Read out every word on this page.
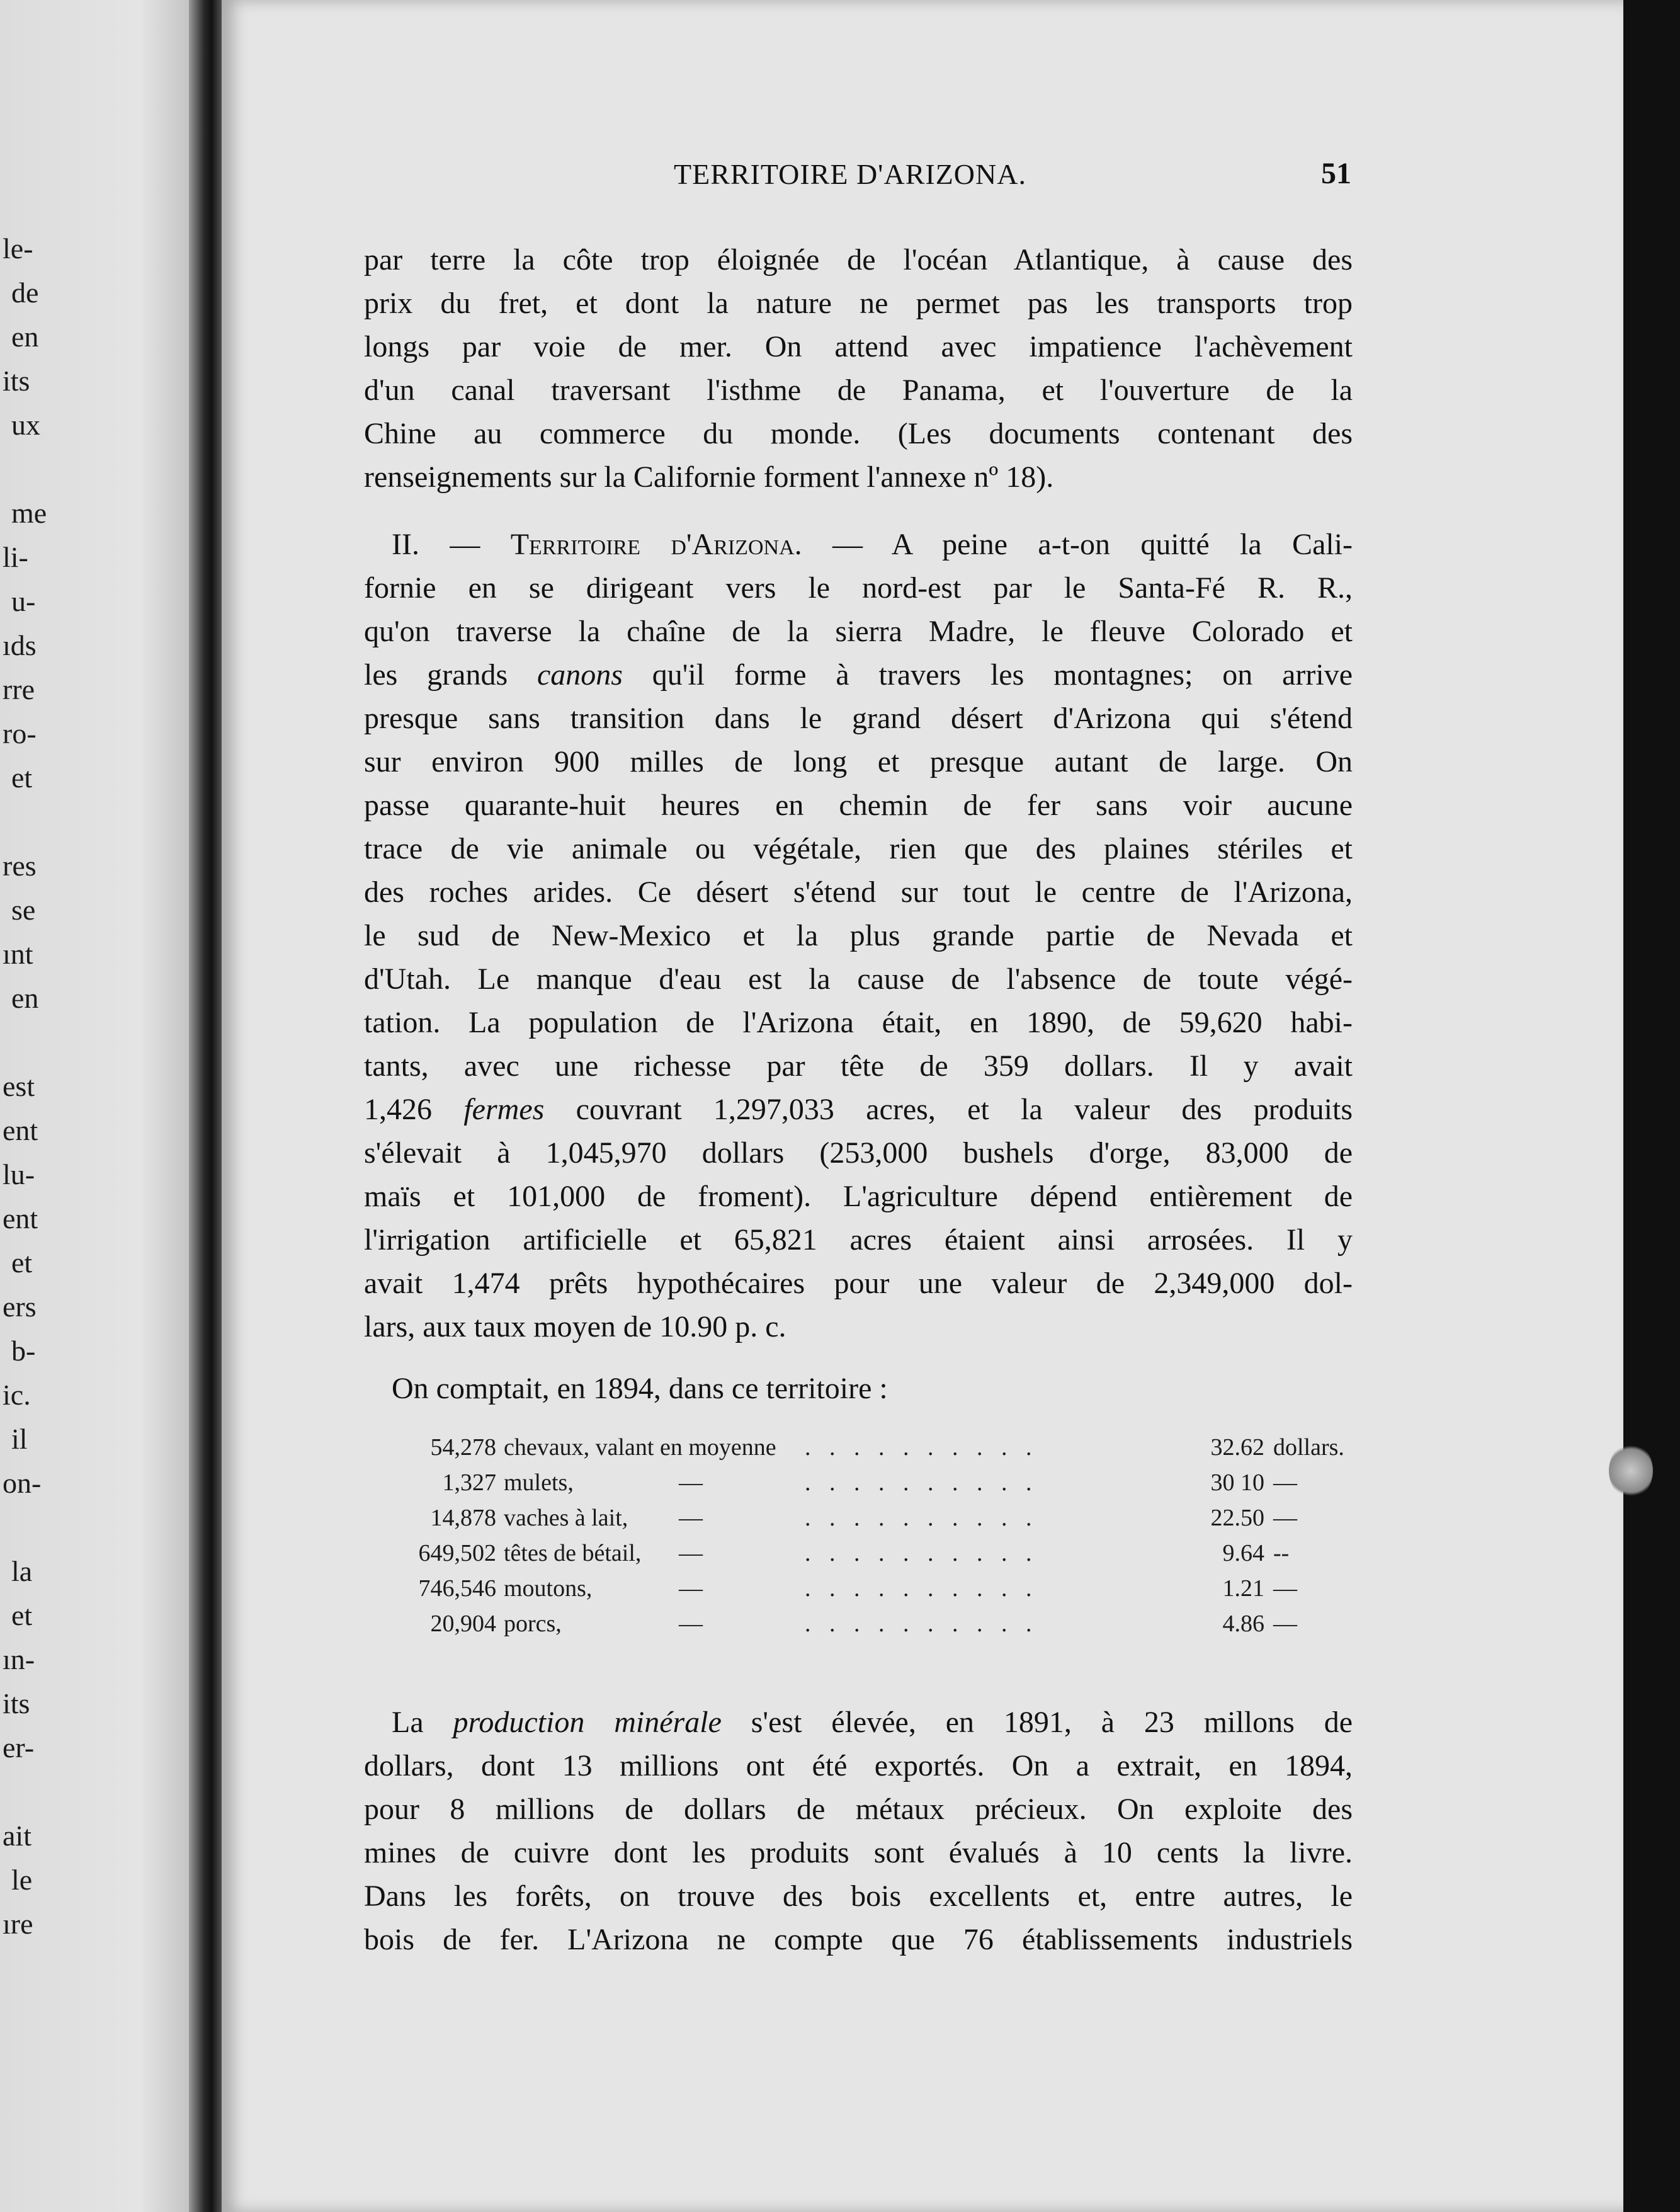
le-
de
en
its
ux
me
li-
u-
ıds
rre
ro-
et
res
se
ınt
en
est
ent
lu-
ent
et
ers
b-
ic.
il
on-
la
et
ın-
its
er-
ait
le
ıre
TERRITOIRE D'ARIZONA.	51
par terre la côte trop éloignée de l'océan Atlantique, à cause des
prix du fret, et dont la nature ne permet pas les transports trop
longs par voie de mer. On attend avec impatience l'achèvement
d'un canal traversant l'isthme de Panama, et l'ouverture de la
Chine au commerce du monde. (Les documents contenant des
renseignements sur la Californie forment l'annexe nº 18).
II. — Territoire d'Arizona. — A peine a-t-on quitté la Cali-
fornie en se dirigeant vers le nord-est par le Santa-Fé R. R.,
qu'on traverse la chaîne de la sierra Madre, le fleuve Colorado et
les grands canons qu'il forme à travers les montagnes; on arrive
presque sans transition dans le grand désert d'Arizona qui s'étend
sur environ 900 milles de long et presque autant de large. On
passe quarante-huit heures en chemin de fer sans voir aucune
trace de vie animale ou végétale, rien que des plaines stériles et
des roches arides. Ce désert s'étend sur tout le centre de l'Arizona,
le sud de New-Mexico et la plus grande partie de Nevada et
d'Utah. Le manque d'eau est la cause de l'absence de toute végé-
tation. La population de l'Arizona était, en 1890, de 59,620 habi-
tants, avec une richesse par tête de 359 dollars. Il y avait
1,426 fermes couvrant 1,297,033 acres, et la valeur des produits
s'élevait à 1,045,970 dollars (253,000 bushels d'orge, 83,000 de
maïs et 101,000 de froment). L'agriculture dépend entièrement de
l'irrigation artificielle et 65,821 acres étaient ainsi arrosées. Il y
avait 1,474 prêts hypothécaires pour une valeur de 2,349,000 dol-
lars, aux taux moyen de 10.90 p. c.
On comptait, en 1894, dans ce territoire :
54,278 chevaux, valant en moyenne	32.62 dollars.
. . . . . . . . . .
1,327 mulets,	—	30 10 —
. . . . . . . . . .
14,878 vaches à lait, —	22.50 —
. . . . . . . . . .
649,502 têtes de bétail, —	9.64 --
. . . . . . . . . .
746,546 moutons,	—	1.21 —
. . . . . . . . . .
20,904 porcs,	—	4.86 —
. . . . . . . . . .
La production minérale s'est élevée, en 1891, à 23 millons de
dollars, dont 13 millions ont été exportés. On a extrait, en 1894,
pour 8 millions de dollars de métaux précieux. On exploite des
mines de cuivre dont les produits sont évalués à 10 cents la livre.
Dans les forêts, on trouve des bois excellents et, entre autres, le
bois de fer. L'Arizona ne compte que 76 établissements industriels
